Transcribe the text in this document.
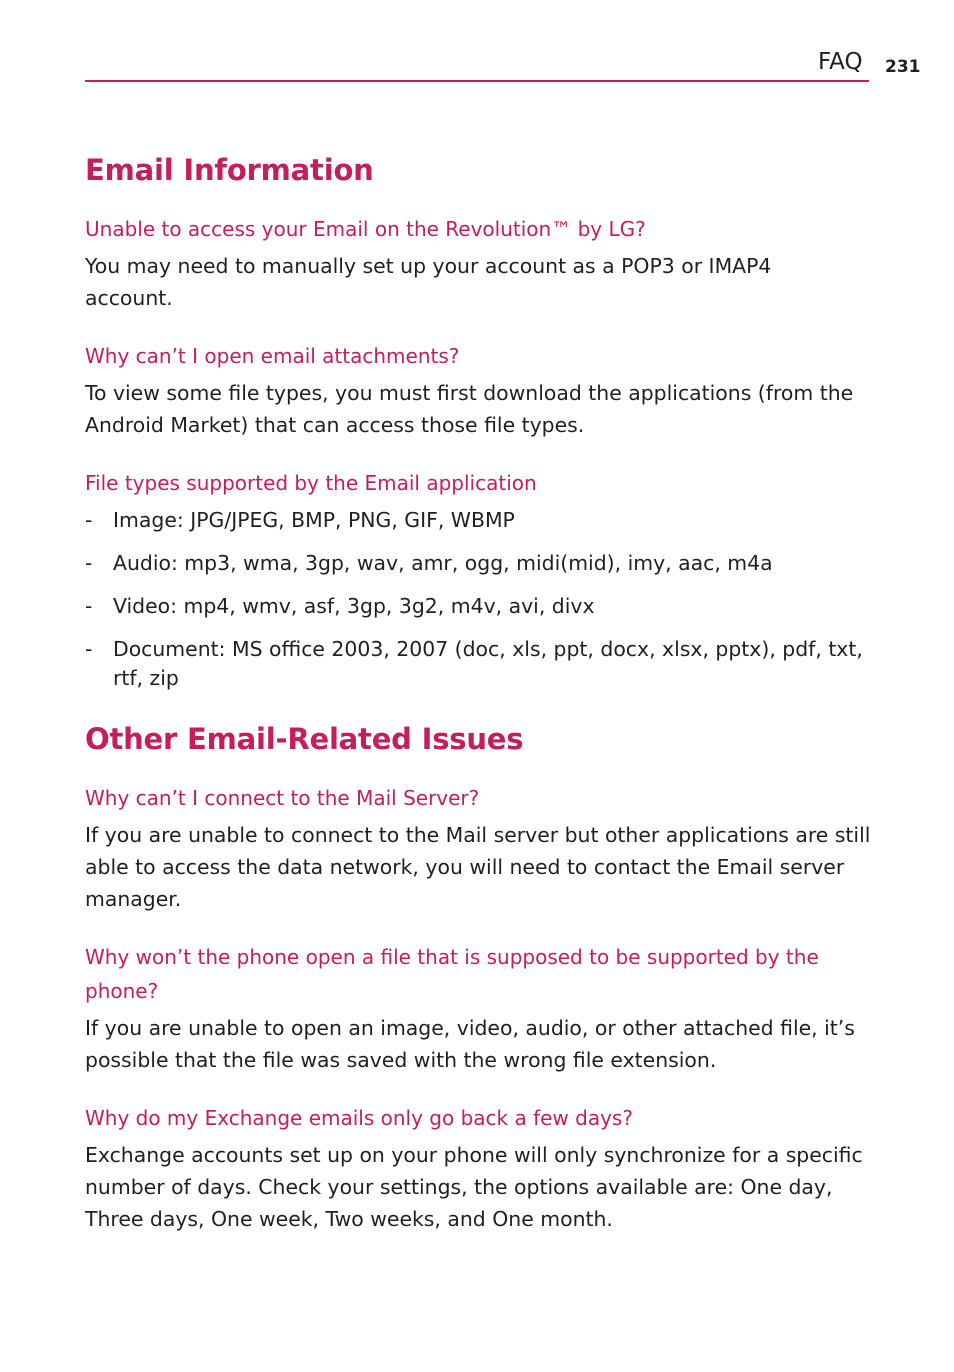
FAQ 231
Email Information
Unable to access your Email on the Revolution™ by LG?

You may need to manually set up your account as a POP3 or IMAP4 account.

Why can’t I open email attachments?

To view some file types, you must first download the applications (from the Android Market) that can access those file types.

File types supported by the Email application
- Image: JPG/JPEG, BMP, PNG, GIF, WBMP
- Audio: mp3, wma, 3gp, wav, amr, ogg, midi(mid), imy, aac, m4a
- Video: mp4, wmv, asf, 3gp, 3g2, m4v, avi, divx
- Document: MS office 2003, 2007 (doc, xls, ppt, docx, xlsx, pptx), pdf, txt, rtf, zip
Other Email-Related Issues
Why can’t I connect to the Mail Server?

If you are unable to connect to the Mail server but other applications are still able to access the data network, you will need to contact the Email server manager.

Why won’t the phone open a file that is supposed to be supported by the phone?

If you are unable to open an image, video, audio, or other attached file, it’s possible that the file was saved with the wrong file extension.

Why do my Exchange emails only go back a few days?

Exchange accounts set up on your phone will only synchronize for a specific number of days. Check your settings, the options available are: One day, Three days, One week, Two weeks, and One month.
